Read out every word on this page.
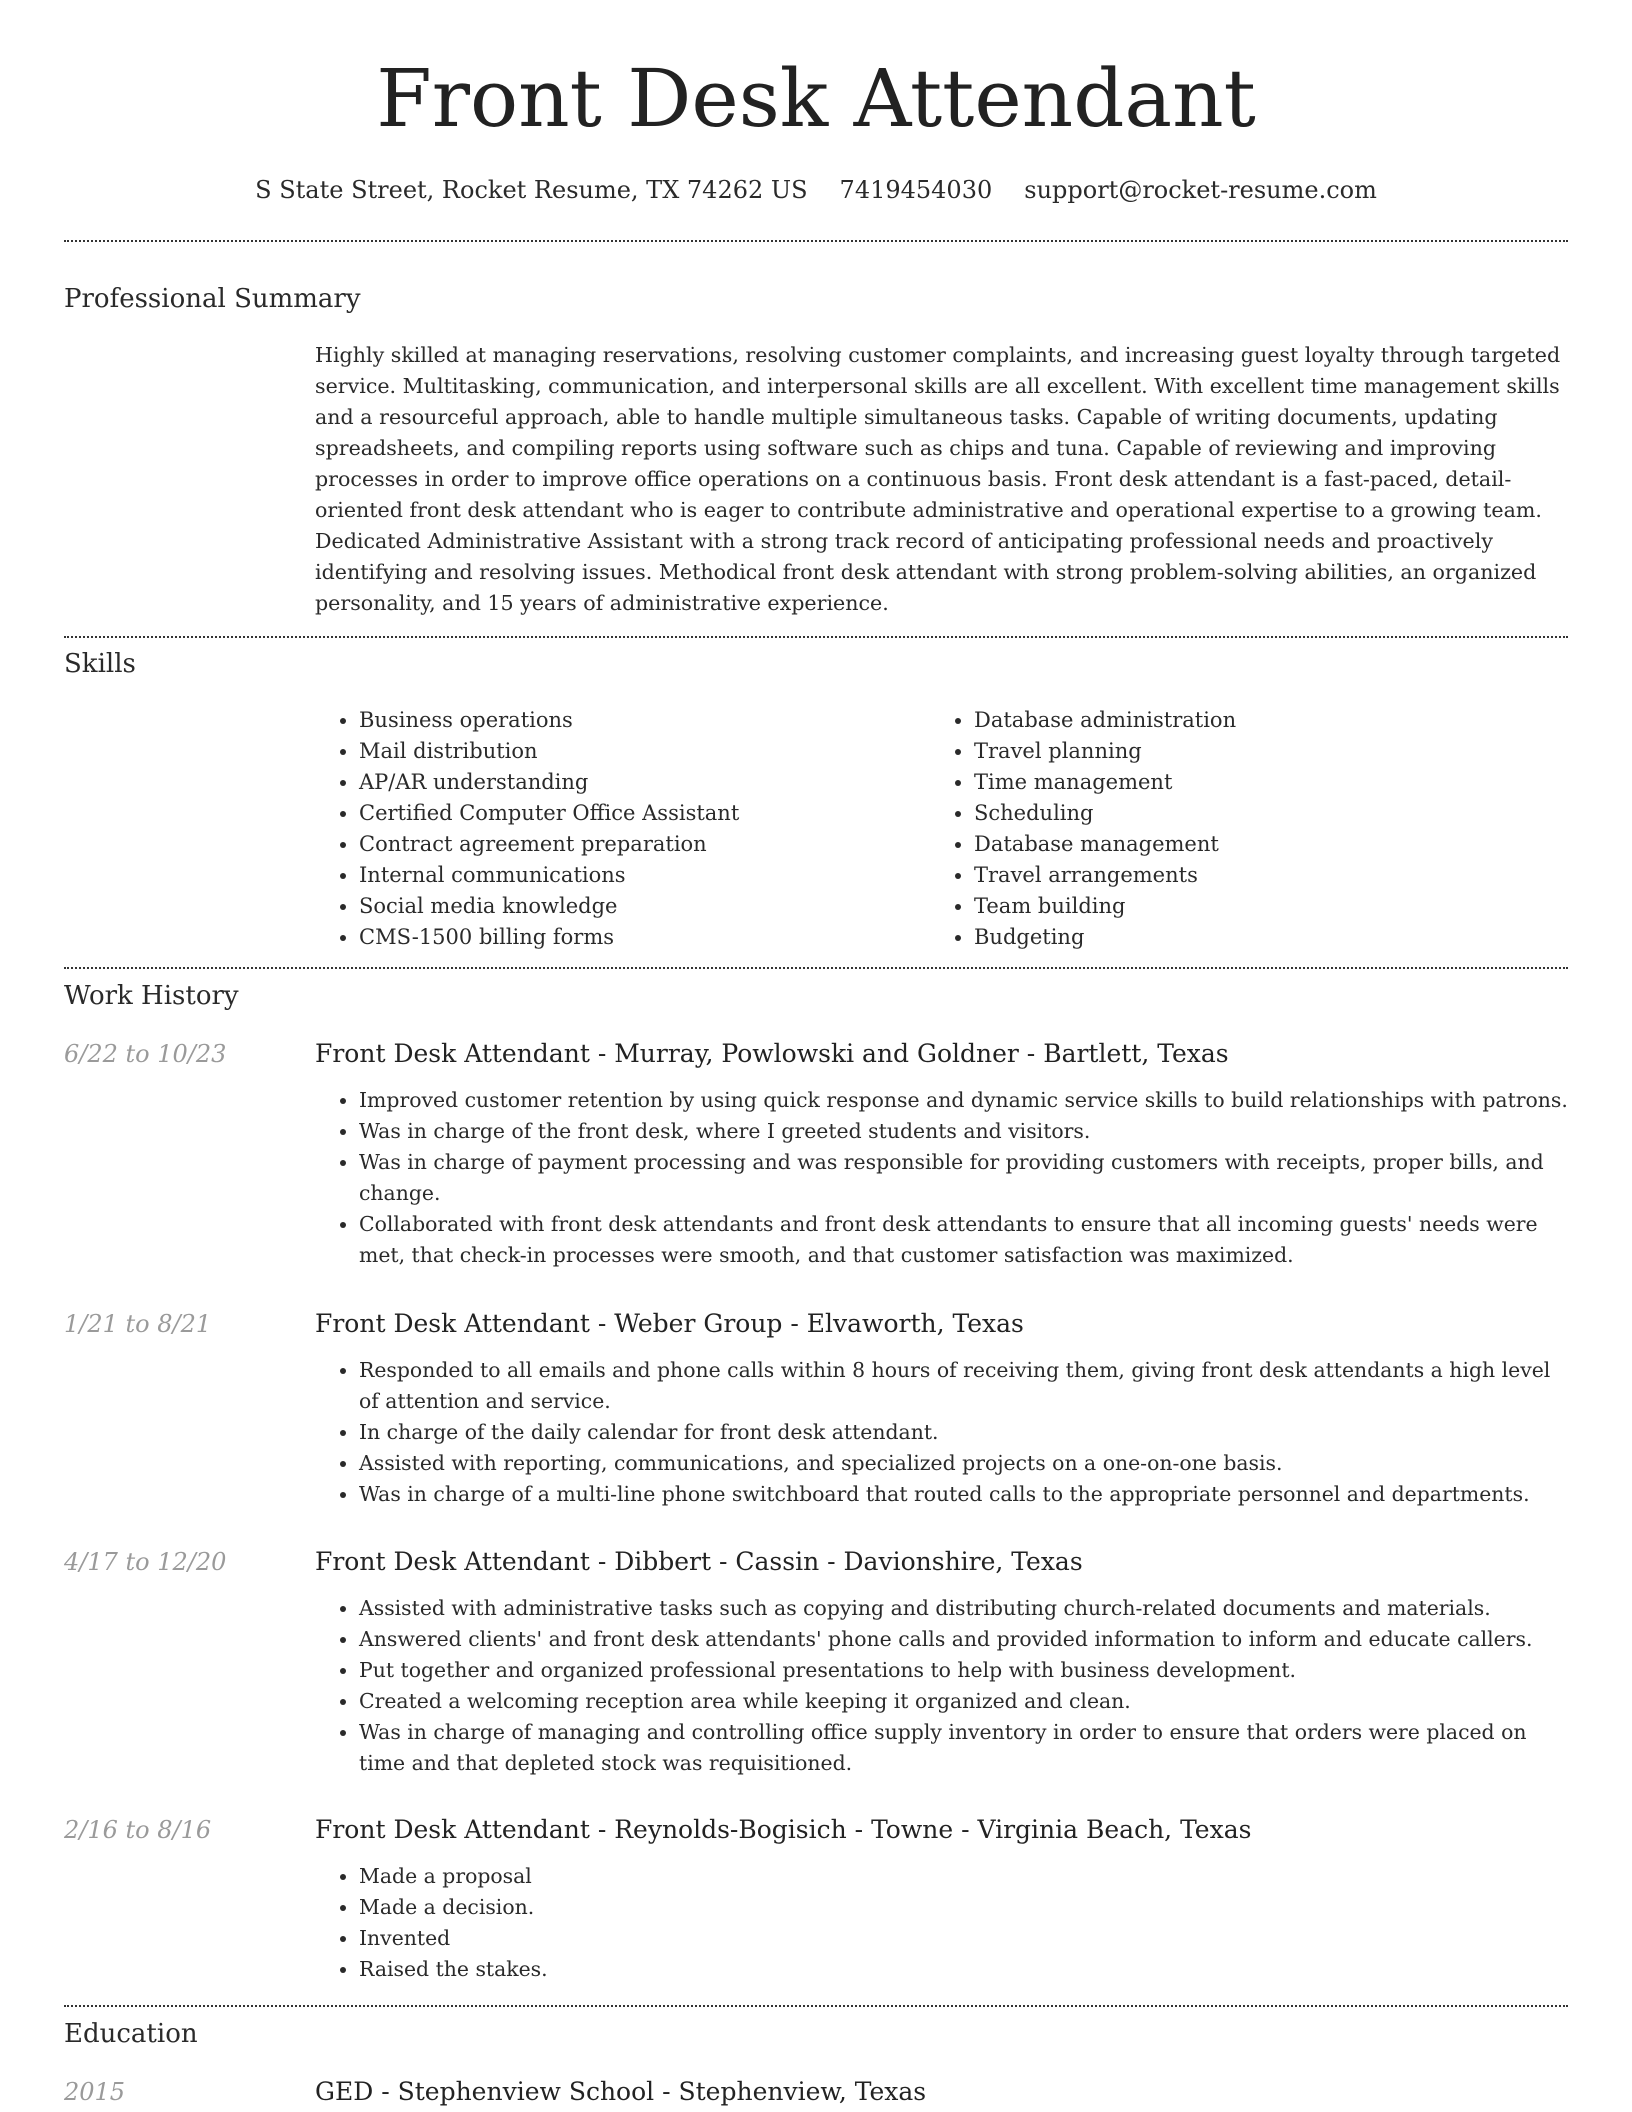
Front Desk Attendant
S State Street, Rocket Resume, TX 74262 US 7419454030 support@rocket-resume.com
Professional Summary
Highly skilled at managing reservations, resolving customer complaints, and increasing guest loyalty through targeted service. Multitasking, communication, and interpersonal skills are all excellent. With excellent time management skills and a resourceful approach, able to handle multiple simultaneous tasks. Capable of writing documents, updating spreadsheets, and compiling reports using software such as chips and tuna. Capable of reviewing and improving processes in order to improve office operations on a continuous basis. Front desk attendant is a fast-paced, detail-oriented front desk attendant who is eager to contribute administrative and operational expertise to a growing team. Dedicated Administrative Assistant with a strong track record of anticipating professional needs and proactively identifying and resolving issues. Methodical front desk attendant with strong problem-solving abilities, an organized personality, and 15 years of administrative experience.
Skills
• Business operations
• Mail distribution
• AP/AR understanding
• Certified Computer Office Assistant
• Contract agreement preparation
• Internal communications
• Social media knowledge
• CMS-1500 billing forms
• Database administration
• Travel planning
• Time management
• Scheduling
• Database management
• Travel arrangements
• Team building
• Budgeting
Work History
6/22 to 10/23	Front Desk Attendant - Murray, Powlowski and Goldner - Bartlett, Texas
• Improved customer retention by using quick response and dynamic service skills to build relationships with patrons.
• Was in charge of the front desk, where I greeted students and visitors.
• Was in charge of payment processing and was responsible for providing customers with receipts, proper bills, and change.
• Collaborated with front desk attendants and front desk attendants to ensure that all incoming guests' needs were met, that check-in processes were smooth, and that customer satisfaction was maximized.
1/21 to 8/21	Front Desk Attendant - Weber Group - Elvaworth, Texas
• Responded to all emails and phone calls within 8 hours of receiving them, giving front desk attendants a high level of attention and service.
• In charge of the daily calendar for front desk attendant.
• Assisted with reporting, communications, and specialized projects on a one-on-one basis.
• Was in charge of a multi-line phone switchboard that routed calls to the appropriate personnel and departments.
4/17 to 12/20	Front Desk Attendant - Dibbert - Cassin - Davionshire, Texas
• Assisted with administrative tasks such as copying and distributing church-related documents and materials.
• Answered clients' and front desk attendants' phone calls and provided information to inform and educate callers.
• Put together and organized professional presentations to help with business development.
• Created a welcoming reception area while keeping it organized and clean.
• Was in charge of managing and controlling office supply inventory in order to ensure that orders were placed on time and that depleted stock was requisitioned.
2/16 to 8/16	Front Desk Attendant - Reynolds-Bogisich - Towne - Virginia Beach, Texas
• Made a proposal
• Made a decision.
• Invented
• Raised the stakes.
Education
2015	GED - Stephenview School - Stephenview, Texas
